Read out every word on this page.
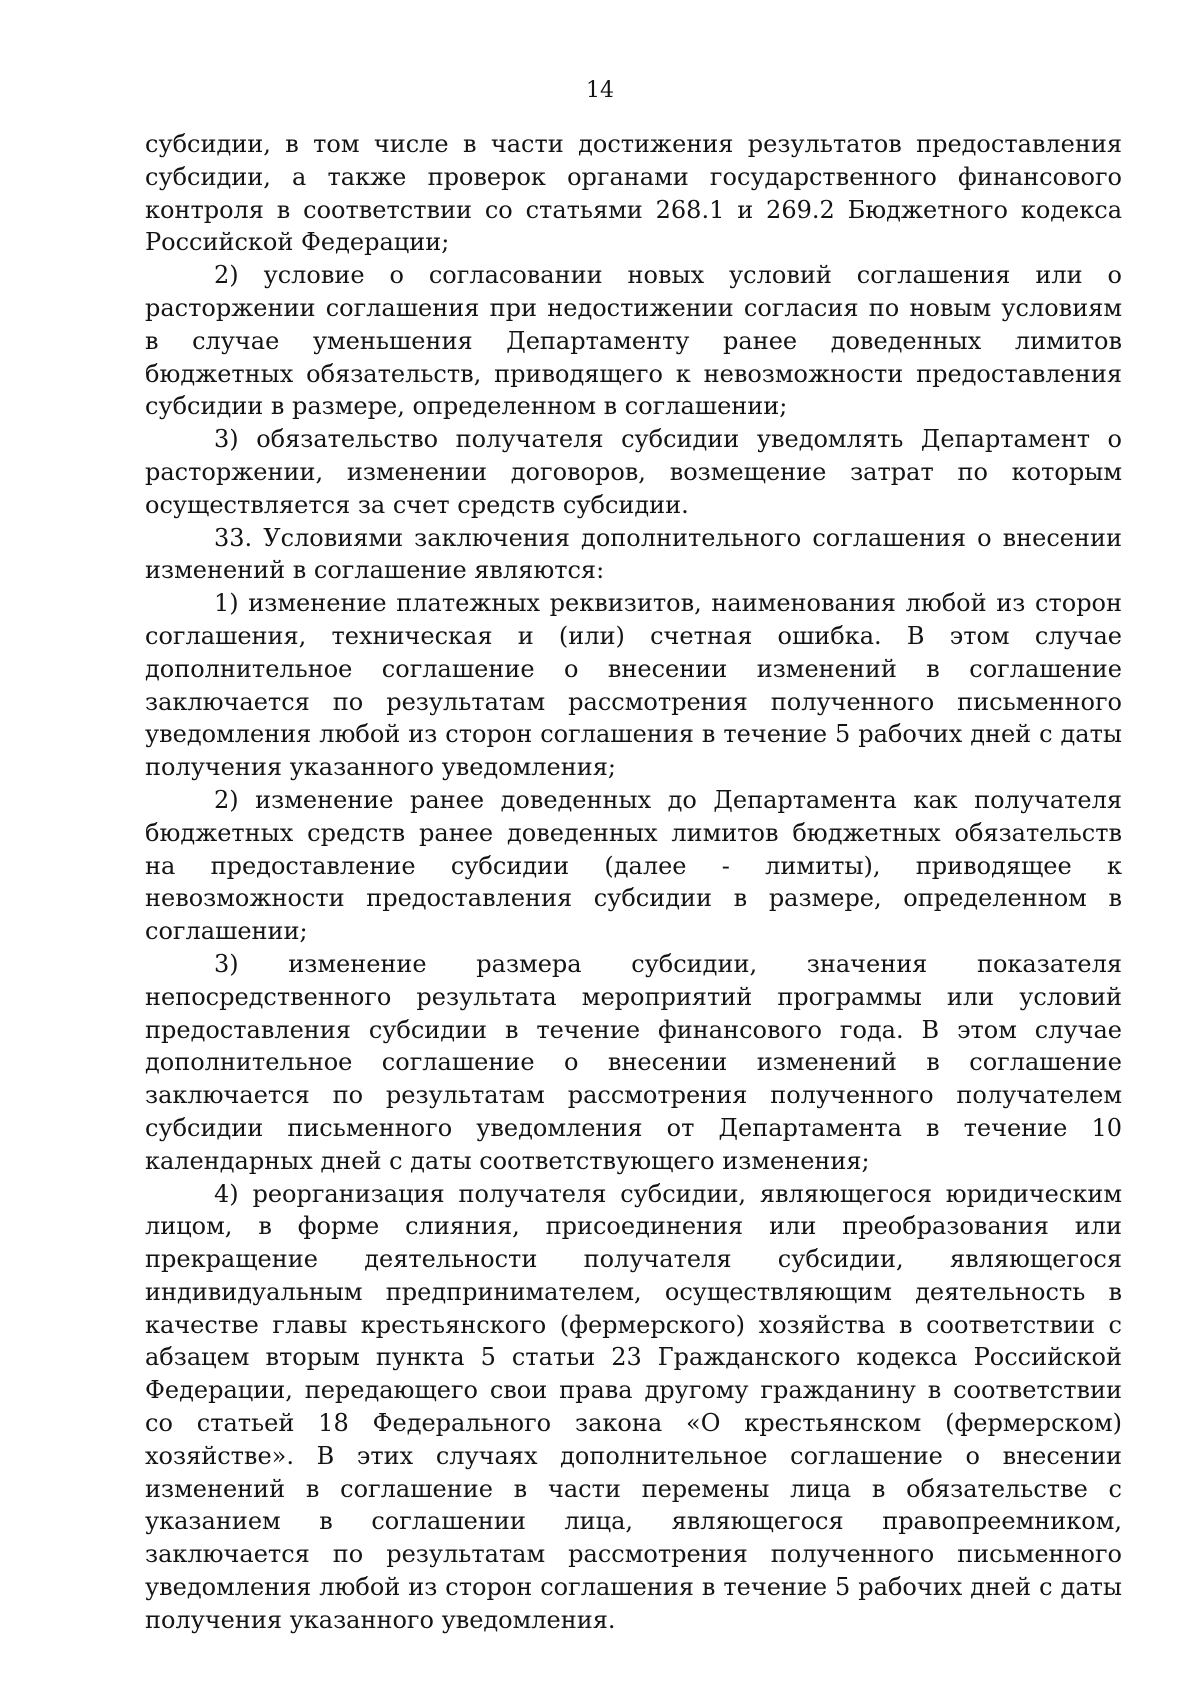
14

субсидии, в том числе в части достижения результатов предоставления субсидии, а также проверок органами государственного финансового контроля в соответствии со статьями 268.1 и 269.2 Бюджетного кодекса Российской Федерации;

2) условие о согласовании новых условий соглашения или о расторжении соглашения при недостижении согласия по новым условиям в случае уменьшения Департаменту ранее доведенных лимитов бюджетных обязательств, приводящего к невозможности предоставления субсидии в размере, определенном в соглашении;

3) обязательство получателя субсидии уведомлять Департамент о расторжении, изменении договоров, возмещение затрат по которым осуществляется за счет средств субсидии.

33. Условиями заключения дополнительного соглашения о внесении изменений в соглашение являются:

1) изменение платежных реквизитов, наименования любой из сторон соглашения, техническая и (или) счетная ошибка. В этом случае дополнительное соглашение о внесении изменений в соглашение заключается по результатам рассмотрения полученного письменного уведомления любой из сторон соглашения в течение 5 рабочих дней с даты получения указанного уведомления;

2) изменение ранее доведенных до Департамента как получателя бюджетных средств ранее доведенных лимитов бюджетных обязательств на предоставление субсидии (далее - лимиты), приводящее к невозможности предоставления субсидии в размере, определенном в соглашении;

3) изменение размера субсидии, значения показателя непосредственного результата мероприятий программы или условий предоставления субсидии в течение финансового года. В этом случае дополнительное соглашение о внесении изменений в соглашение заключается по результатам рассмотрения полученного получателем субсидии письменного уведомления от Департамента в течение 10 календарных дней с даты соответствующего изменения;

4) реорганизация получателя субсидии, являющегося юридическим лицом, в форме слияния, присоединения или преобразования или прекращение деятельности получателя субсидии, являющегося индивидуальным предпринимателем, осуществляющим деятельность в качестве главы крестьянского (фермерского) хозяйства в соответствии с абзацем вторым пункта 5 статьи 23 Гражданского кодекса Российской Федерации, передающего свои права другому гражданину в соответствии со статьей 18 Федерального закона «О крестьянском (фермерском) хозяйстве». В этих случаях дополнительное соглашение о внесении изменений в соглашение в части перемены лица в обязательстве с указанием в соглашении лица, являющегося правопреемником, заключается по результатам рассмотрения полученного письменного уведомления любой из сторон соглашения в течение 5 рабочих дней с даты получения указанного уведомления.
